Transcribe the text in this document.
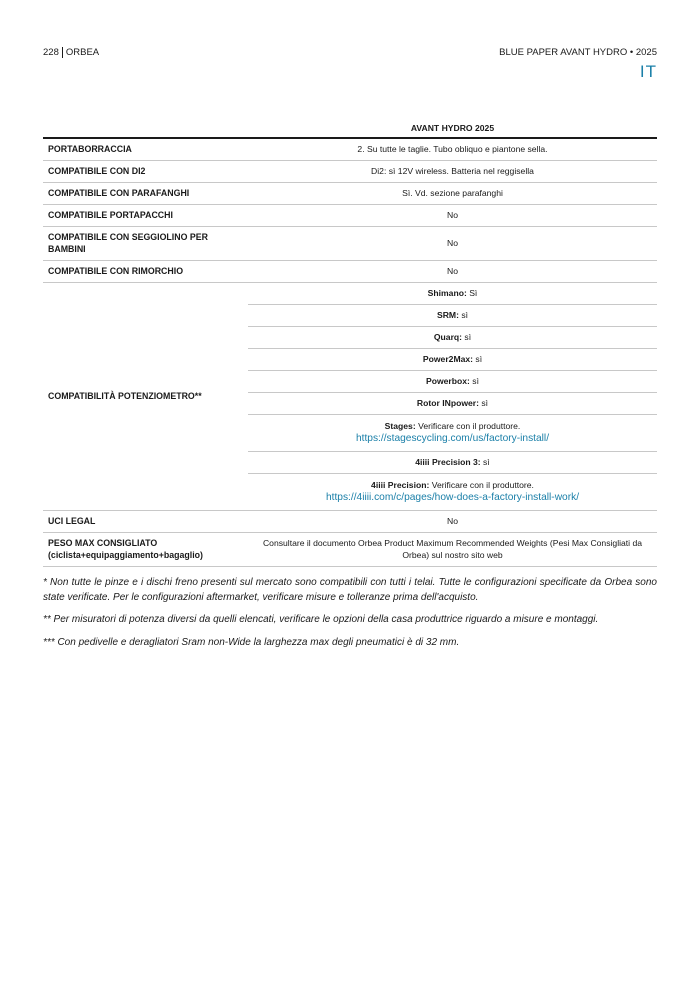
228 ORBEA	BLUE PAPER AVANT HYDRO • 2025
IT
	AVANT HYDRO 2025
PORTABORRACCIA	2. Su tutte le taglie. Tubo obliquo e piantone sella.
COMPATIBILE CON DI2	Di2: sì 12V wireless. Batteria nel reggisella
COMPATIBILE CON PARAFANGHI	Sì. Vd. sezione parafanghi
COMPATIBILE PORTAPACCHI	No
COMPATIBILE CON SEGGIOLINO PER BAMBINI	No
COMPATIBILE CON RIMORCHIO	No
COMPATIBILITÀ POTENZIOMETRO**	Shimano: Sì
	SRM: sì
	Quarq: sì
	Power2Max: sì
	Powerbox: sì
	Rotor INpower: sì
	Stages: Verificare con il produttore.
https://stagescycling.com/us/factory-install/

	4iiii Precision 3: sì
	4iiii Precision: Verificare con il produttore.
https://4iiii.com/c/pages/how-does-a-factory-install-work/

UCI LEGAL	No

PESO MAX CONSIGLIATO
(ciclista+equipaggiamento+bagaglio)	Consultare il documento Orbea Product Maximum Recommended Weights (Pesi Max Consigliati da Orbea) sul nostro sito web

* Non tutte le pinze e i dischi freno presenti sul mercato sono compatibili con tutti i telai. Tutte le configurazioni specificate da Orbea sono state verificate. Per le configurazioni aftermarket, verificare misure e tolleranze prima dell'acquisto.

** Per misuratori di potenza diversi da quelli elencati, verificare le opzioni della casa produttrice riguardo a misure e montaggi.

*** Con pedivelle e deragliatori Sram non-Wide la larghezza max degli pneumatici è di 32 mm.
